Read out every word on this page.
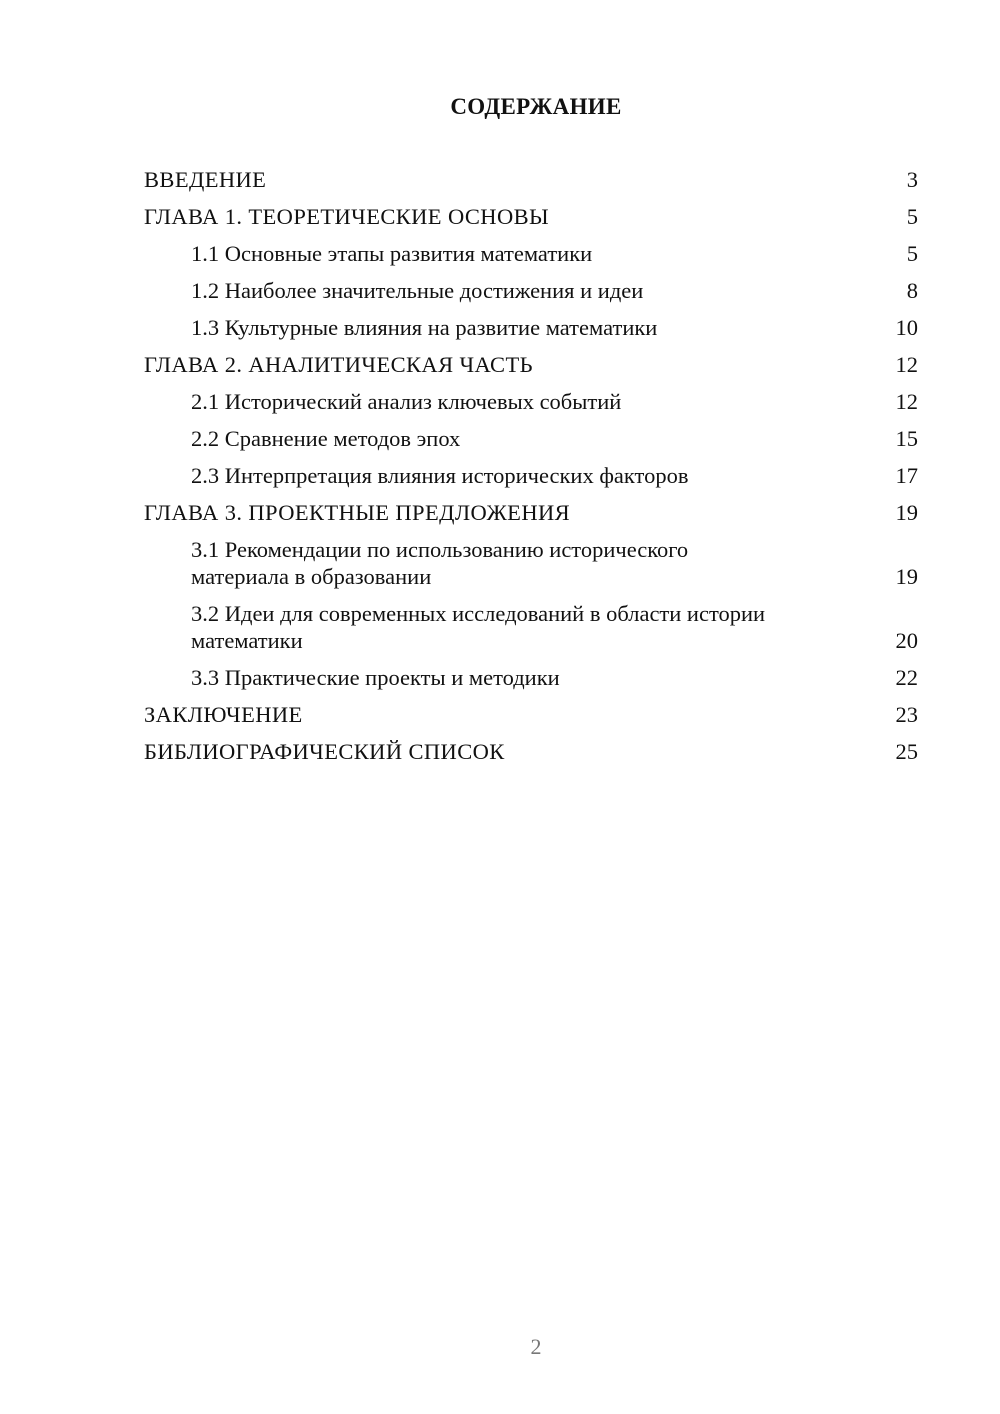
СОДЕРЖАНИЕ
ВВЕДЕНИЕ	3
ГЛАВА 1. ТЕОРЕТИЧЕСКИЕ ОСНОВЫ	5
1.1 Основные этапы развития математики	5
1.2 Наиболее значительные достижения и идеи	8
1.3 Культурные влияния на развитие математики	10
ГЛАВА 2. АНАЛИТИЧЕСКАЯ ЧАСТЬ	12
2.1 Исторический анализ ключевых событий	12
2.2 Сравнение методов эпох	15
2.3 Интерпретация влияния исторических факторов	17
ГЛАВА 3. ПРОЕКТНЫЕ ПРЕДЛОЖЕНИЯ	19
3.1 Рекомендации по использованию исторического
материала в образовании	19
3.2 Идеи для современных исследований в области истории
математики	20
3.3 Практические проекты и методики	22
ЗАКЛЮЧЕНИЕ	23
БИБЛИОГРАФИЧЕСКИЙ СПИСОК	25
2
